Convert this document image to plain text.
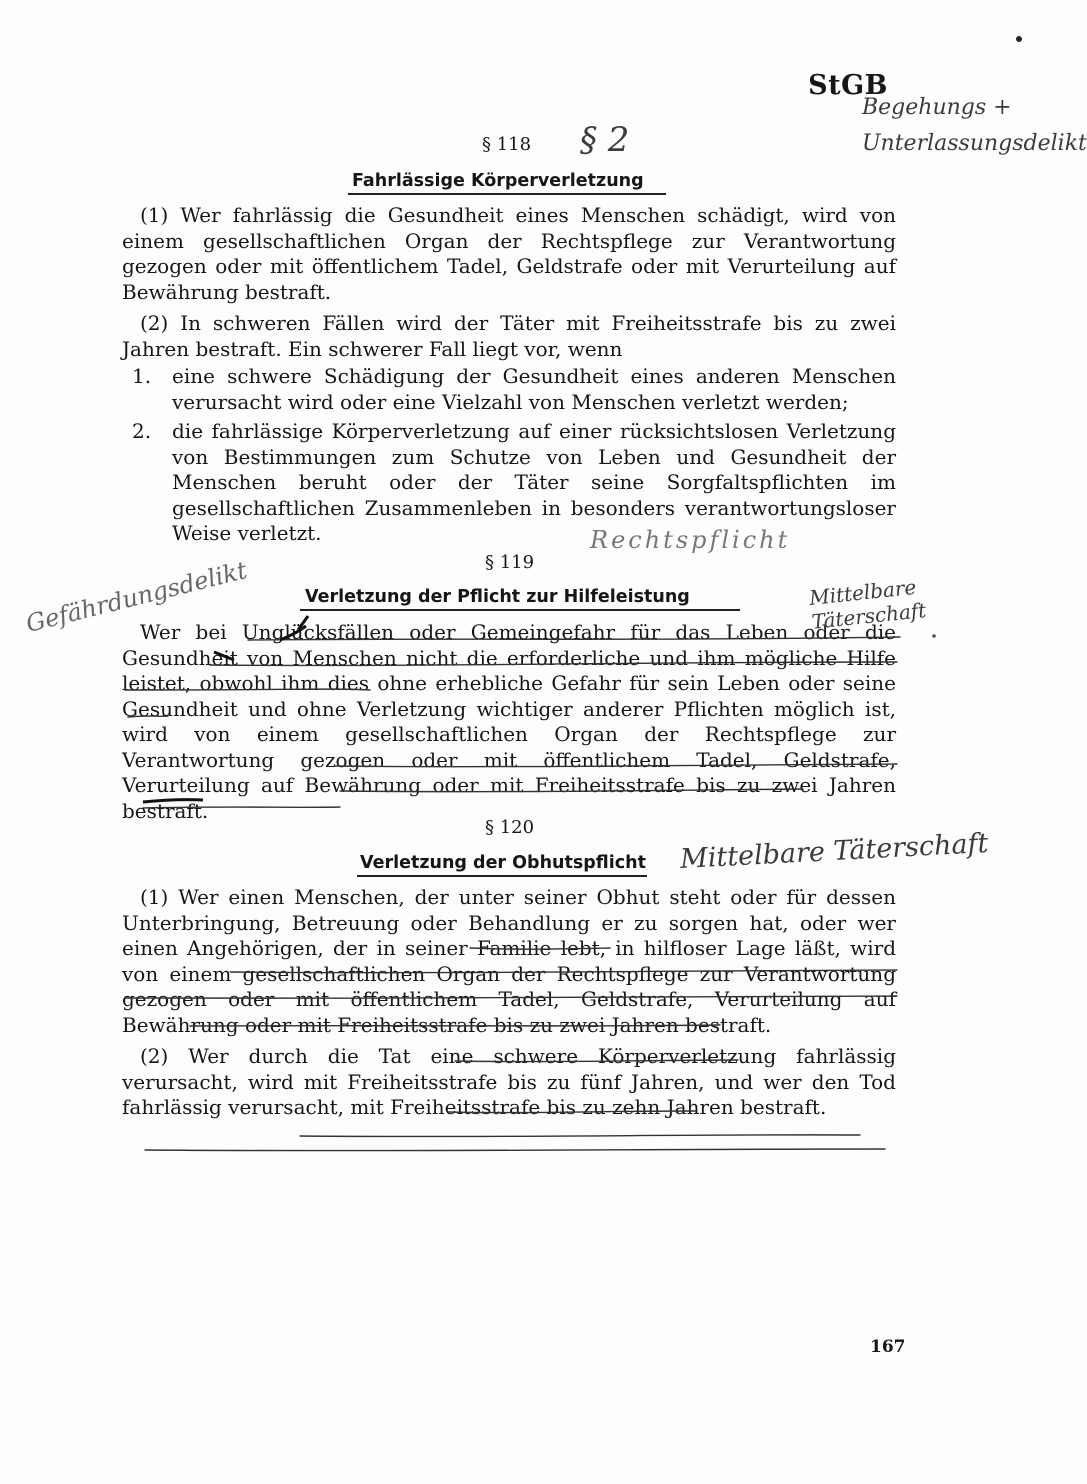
StGB
§ 118
Fahrlässige Körperverletzung

(1) Wer fahrlässig die Gesundheit eines Menschen schädigt, wird von einem gesellschaftlichen Organ der Rechtspflege zur Verantwortung gezogen oder mit öffentlichem Tadel, Geldstrafe oder mit Verurteilung auf Bewährung bestraft.

(2) In schweren Fällen wird der Täter mit Freiheitsstrafe bis zu zwei Jahren bestraft. Ein schwerer Fall liegt vor, wenn

1.	eine schwere Schädigung der Gesundheit eines anderen Menschen verursacht wird oder eine Vielzahl von Menschen verletzt werden;
2.	die fahrlässige Körperverletzung auf einer rücksichtslosen Verletzung von Bestimmungen zum Schutze von Leben und Gesundheit der Menschen beruht oder der Täter seine Sorgfaltspflichten im gesellschaftlichen Zusammenleben in besonders verantwortungsloser Weise verletzt.
§ 119
Verletzung der Pflicht zur Hilfeleistung

Wer bei Unglücksfällen oder Gemeingefahr für das Leben oder die Gesundheit von Menschen nicht die erforderliche und ihm mögliche Hilfe leistet, obwohl ihm dies ohne erhebliche Gefahr für sein Leben oder seine Gesundheit und ohne Verletzung wichtiger anderer Pflichten möglich ist, wird von einem gesellschaftlichen Organ der Rechtspflege zur Verantwortung gezogen oder mit öffentlichem Tadel, Geldstrafe, Verurteilung auf Bewährung oder mit Freiheitsstrafe bis zu zwei Jahren bestraft.

§ 120
Verletzung der Obhutspflicht

(1) Wer einen Menschen, der unter seiner Obhut steht oder für dessen Unterbringung, Betreuung oder Behandlung er zu sorgen hat, oder wer einen Angehörigen, der in seiner Familie lebt, in hilfloser Lage läßt, wird von einem gesellschaftlichen Organ der Rechtspflege zur Verantwortung gezogen oder mit öffentlichem Tadel, Geldstrafe, Verurteilung auf Bewährung oder mit Freiheitsstrafe bis zu zwei Jahren bestraft.

(2) Wer durch die Tat eine schwere Körperverletzung fahrlässig verursacht, wird mit Freiheitsstrafe bis zu fünf Jahren, und wer den Tod fahrlässig verursacht, mit Freiheitsstrafe bis zu zehn Jahren bestraft.

167
§ 2
Begehungs + Unterlassungsdelikt
Rechtspflicht
Gefährdungsdelikt	Mittelbare Täterschaft
Mittelbare Täterschaft
